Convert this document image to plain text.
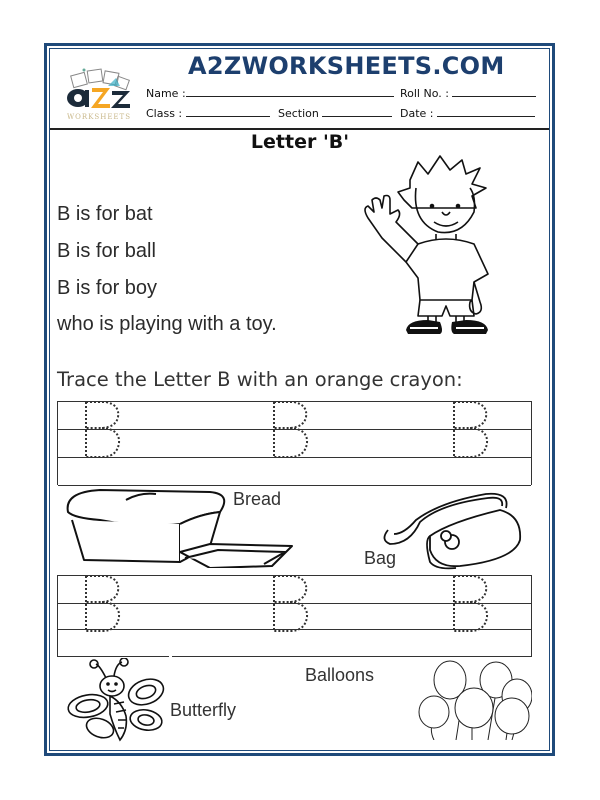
WORKSHEETS
A2ZWORKSHEETS.COM
Name :	Roll No. :
Class :	Section	Date :
Letter 'B'
B is for bat
B is for ball
B is for boy
who is playing with a toy.
Trace the Letter B with an orange crayon:
Bread
Bag
Butterfly
Balloons
